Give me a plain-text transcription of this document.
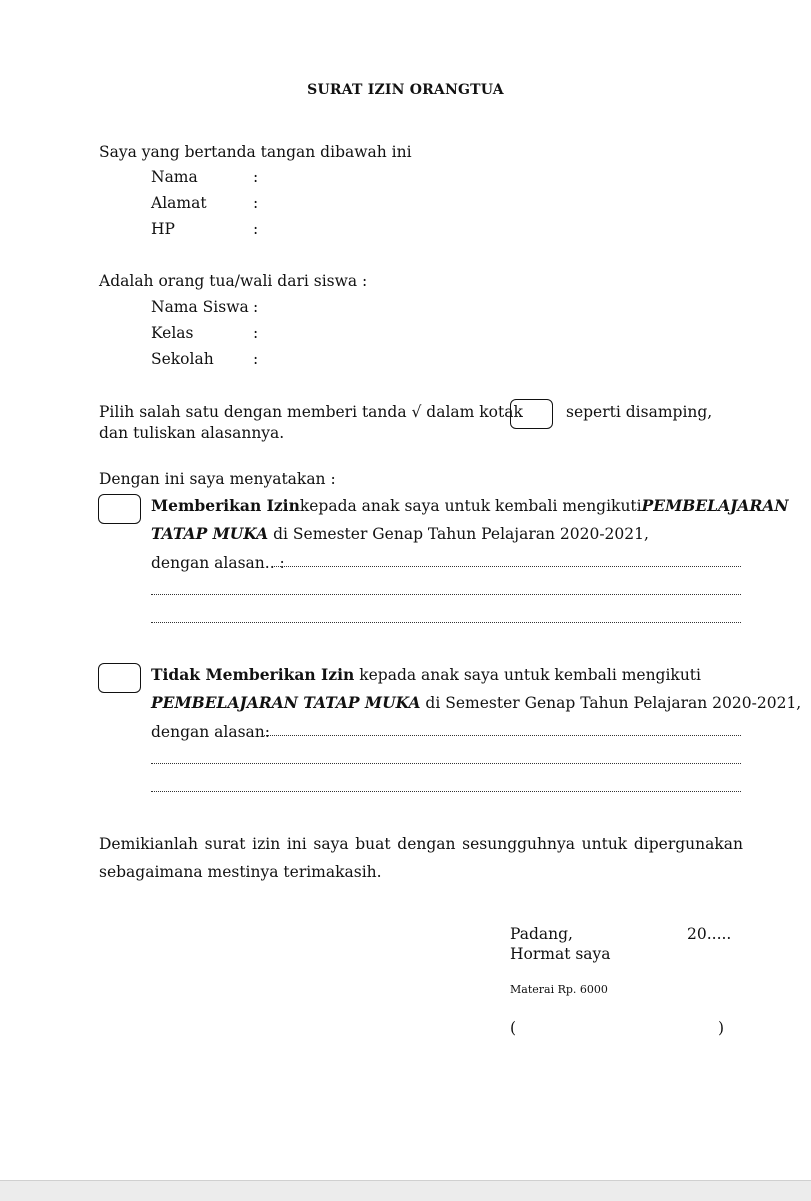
SURAT IZIN ORANGTUA
Saya yang bertanda tangan dibawah ini
Nama	:
Alamat	:
HP	:
Adalah orang tua/wali dari siswa :
Nama Siswa :
Kelas	:
Sekolah	:
Pilih salah satu dengan memberi tanda √ dalam kotak	seperti disamping,
dan tuliskan alasannya.
Dengan ini saya menyatakan :
Memberikan Izin kepada anak saya untuk kembali mengikuti PEMBELAJARAN
TATAP MUKA di Semester Genap Tahun Pelajaran 2020-2021,
dengan alasan.. :
Tidak Memberikan Izin kepada anak saya untuk kembali mengikuti
PEMBELAJARAN TATAP MUKA di Semester Genap Tahun Pelajaran 2020-2021,
dengan alasan:
Demikianlah surat izin ini saya buat dengan sesungguhnya untuk dipergunakan
sebagaimana mestinya terimakasih.
Padang,	20.....
Hormat saya
Materai Rp. 6000
(	)
